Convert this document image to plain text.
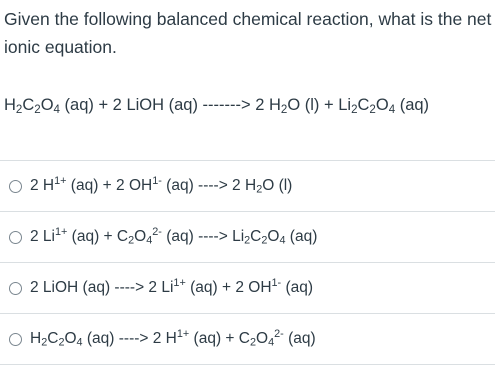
Given the following balanced chemical reaction, what is the net ionic equation.

$H_2C_2O_4$ (aq) + 2 LiOH (aq) -------> 2 $H_2O$ $(l) + Li_2C_2O_4$ (aq)

2 $H^{1+}$ (aq) + 2 $OH^{1-}$ (aq) ----> 2 $H_2O$ (l)
2 $Li^{1+}$ $(aq) + C_2O_4^{2-}$ (aq) ----> $Li_2C_2O_4$ (aq)
2 LiOH (aq) ----> 2 $Li^{1+}$ (aq) + 2 $OH^{1-}$ (aq)
$H_2C_2O_4$ (aq) ----> 2 $H^{1+}$ $(aq) + C_2O_4^{2-}$ (aq)
